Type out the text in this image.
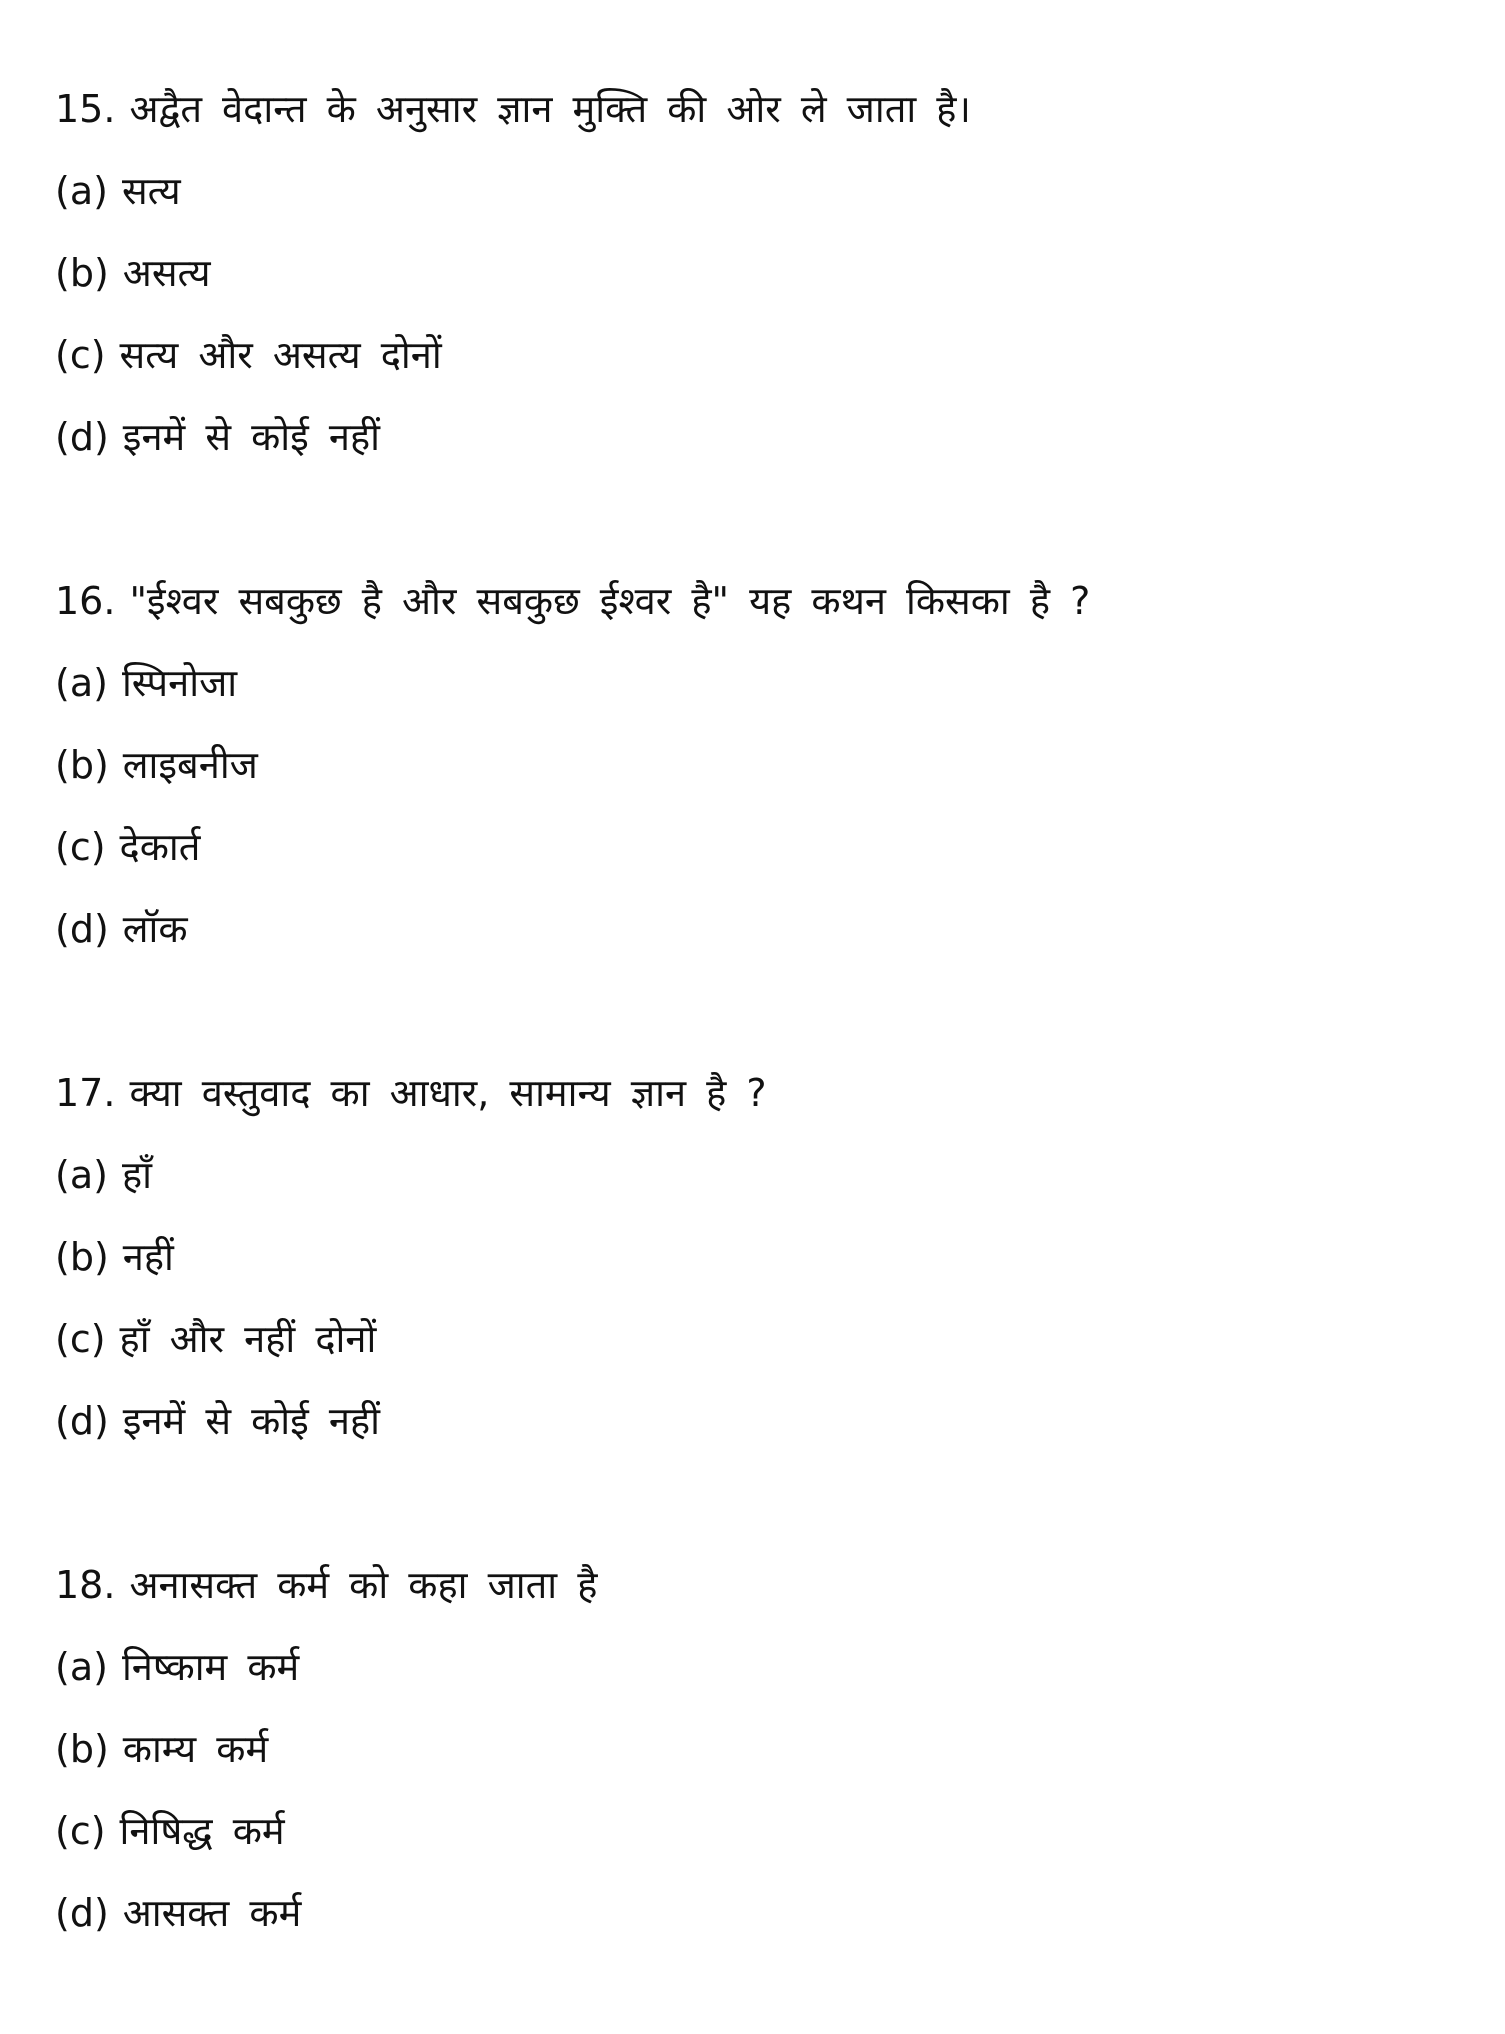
15. अद्वैत वेदान्त के अनुसार ज्ञान मुक्ति की ओर ले जाता है।
(a) सत्य
(b) असत्य
(c) सत्य और असत्य दोनों
(d) इनमें से कोई नहीं
16. "ईश्वर सबकुछ है और सबकुछ ईश्वर है" यह कथन किसका है ?
(a) स्पिनोजा
(b) लाइबनीज
(c) देकार्त
(d) लॉक
17. क्या वस्तुवाद का आधार, सामान्य ज्ञान है ?
(a) हाँ
(b) नहीं
(c) हाँ और नहीं दोनों
(d) इनमें से कोई नहीं
18. अनासक्त कर्म को कहा जाता है
(a) निष्काम कर्म
(b) काम्य कर्म
(c) निषिद्ध कर्म
(d) आसक्त कर्म
